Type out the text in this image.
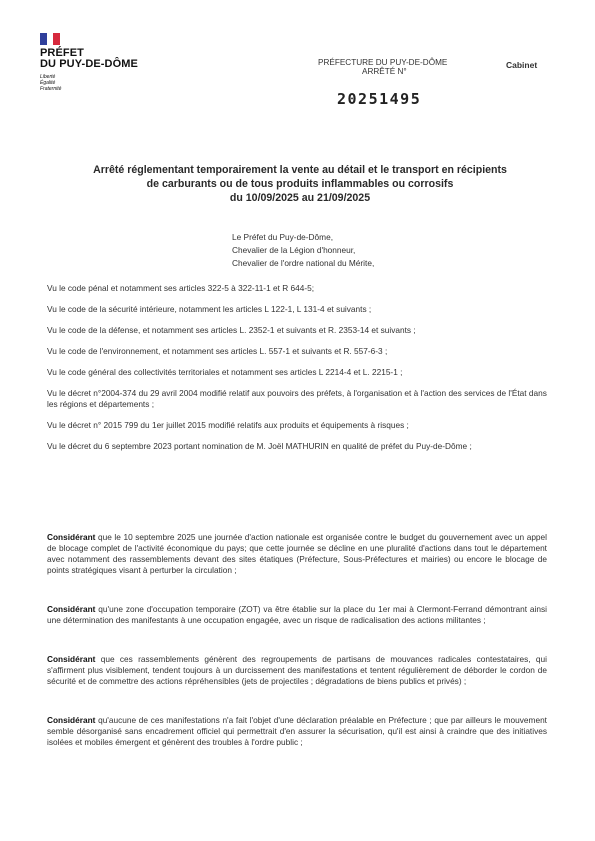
PRÉFET
DU PUY-DE-DÔME
Liberté
Égalité
Fraternité
PRÉFECTURE DU PUY-DE-DÔME
ARRÊTÉ N°
Cabinet
20251495
Arrêté réglementant temporairement la vente au détail et le transport en récipients
de carburants ou de tous produits inflammables ou corrosifs
du 10/09/2025 au 21/09/2025
Le Préfet du Puy-de-Dôme,
Chevalier de la Légion d'honneur,
Chevalier de l'ordre national du Mérite,

Vu le code pénal et notamment ses articles 322-5 à 322-11-1 et R 644-5;

Vu le code de la sécurité intérieure, notamment les articles L 122-1, L 131-4 et suivants ;

Vu le code de la défense, et notamment ses articles L. 2352-1 et suivants et R. 2353-14 et suivants ;

Vu le code de l'environnement, et notamment ses articles L. 557-1 et suivants et R. 557-6-3 ;

Vu le code général des collectivités territoriales et notamment ses articles L 2214-4 et L. 2215-1 ;

Vu le décret n°2004-374 du 29 avril 2004 modifié relatif aux pouvoirs des préfets, à l'organisation et à l'action des services de l'État dans les régions et départements ;

Vu le décret n° 2015 799 du 1er juillet 2015 modifié relatifs aux produits et équipements à risques ;

Vu le décret du 6 septembre 2023 portant nomination de M. Joël MATHURIN en qualité de préfet du Puy-de-Dôme ;

Considérant que le 10 septembre 2025 une journée d'action nationale est organisée contre le budget du gouvernement avec un appel de blocage complet de l'activité économique du pays; que cette journée se décline en une pluralité d'actions dans tout le département avec notamment des rassemblements devant des sites étatiques (Préfecture, Sous-Préfectures et mairies) ou encore le blocage de points stratégiques visant à perturber la circulation ;

Considérant qu'une zone d'occupation temporaire (ZOT) va être établie sur la place du 1er mai à Clermont-Ferrand démontrant ainsi une détermination des manifestants à une occupation engagée, avec un risque de radicalisation des actions militantes ;

Considérant que ces rassemblements génèrent des regroupements de partisans de mouvances radicales contestataires, qui s'affirment plus visiblement, tendent toujours à un durcissement des manifestations et tentent régulièrement de déborder le cordon de sécurité et de commettre des actions répréhensibles (jets de projectiles ; dégradations de biens publics et privés) ;

Considérant qu'aucune de ces manifestations n'a fait l'objet d'une déclaration préalable en Préfecture ; que par ailleurs le mouvement semble désorganisé sans encadrement officiel qui permettrait d'en assurer la sécurisation, qu'il est ainsi à craindre que des initiatives isolées et mobiles émergent et génèrent des troubles à l'ordre public ;
